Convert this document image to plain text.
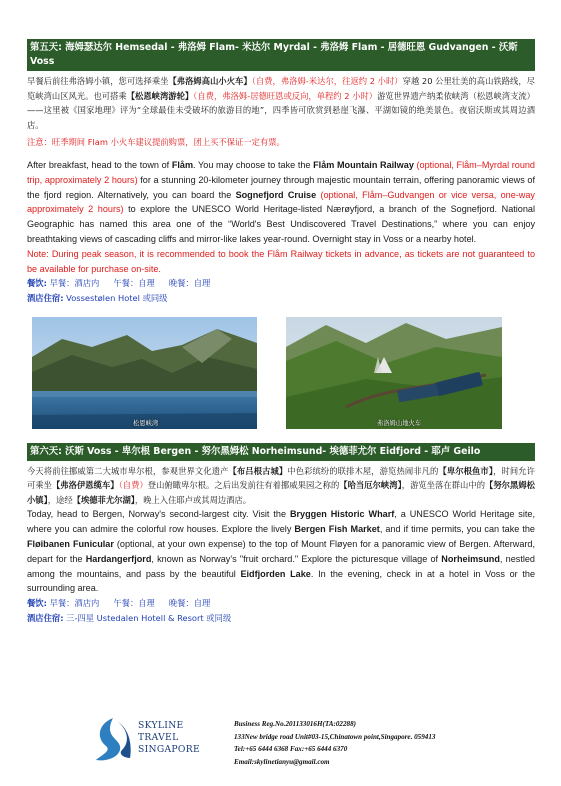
第五天: 海姆瑟达尔 Hemsedal - 弗洛姆 Flam- 米达尔 Myrdal - 弗洛姆 Flam - 居德旺恩 Gudvangen - 沃斯 Voss

早餐后前往弗洛姆小镇，您可选择乘坐【弗洛姆高山小火车】（自费，弗洛姆-米达尔，往返约 2 小时）穿越 20 公里壮美的高山铁路线，尽览峡湾山区风光。也可搭乘【松恩峡湾游轮】（自费，弗洛姆-居德旺恩或反向，单程约 2 小时）游览世界遗产纳柔依峡湾（松恩峡湾支流）——这里被《国家地理》评为“全球最佳未受破坏的旅游目的地”，四季皆可欣赏到悬崖飞瀑、平湖如镜的绝美景色。夜宿沃斯或其周边酒店。

注意：旺季期间 Flam 小火车建议提前购票，团上买不保证一定有票。

After breakfast, head to the town of Flåm. You may choose to take the Flåm Mountain Railway (optional, Flåm–Myrdal round trip, approximately 2 hours) for a stunning 20-kilometer journey through majestic mountain terrain, offering panoramic views of the fjord region. Alternatively, you can board the Sognefjord Cruise (optional, Flåm–Gudvangen or vice versa, one-way approximately 2 hours) to explore the UNESCO World Heritage-listed Nærøyfjord, a branch of the Sognefjord. National Geographic has named this area one of the “World's Best Undiscovered Travel Destinations,” where you can enjoy breathtaking views of cascading cliffs and mirror-like lakes year-round. Overnight stay in Voss or a nearby hotel.

Note: During peak season, it is recommended to book the Flåm Railway tickets in advance, as tickets are not guaranteed to be available for purchase on-site.

餐饮: 早餐：酒店内 午餐：自理 晚餐：自理
酒店住宿: Vossestølen Hotel 或同级
松恩峡湾	弗洛姆山地火车
第六天: 沃斯 Voss - 卑尔根 Bergen - 努尔黑姆松 Norheimsund- 埃德菲尤尔 Eidfjord - 耶卢 Geilo

今天将前往挪威第二大城市卑尔根，参观世界文化遗产【布吕根古城】中色彩缤纷的联排木屋，游览热闹非凡的【卑尔根鱼市】，时间允许可乘坐【弗洛伊恩缆车】（自费）登山俯瞰卑尔根。之后出发前往有着挪威果园之称的【哈当厄尔峡湾】，游览坐落在群山中的【努尔黑姆松小镇】，途经【埃德菲尤尔湖】，晚上入住耶卢或其周边酒店。

Today, head to Bergen, Norway's second-largest city. Visit the Bryggen Historic Wharf, a UNESCO World Heritage site, where you can admire the colorful row houses. Explore the lively Bergen Fish Market, and if time permits, you can take the Fløibanen Funicular (optional, at your own expense) to the top of Mount Fløyen for a panoramic view of Bergen. Afterward, depart for the Hardangerfjord, known as Norway’s "fruit orchard." Explore the picturesque village of Norheimsund, nestled among the mountains, and pass by the beautiful Eidfjorden Lake. In the evening, check in at a hotel in Voss or the surrounding area.

餐饮: 早餐：酒店内 午餐：自理 晚餐：自理
酒店住宿: 三-四星 Ustedalen Hotell & Resort 或同级
SKYLINE
TRAVEL
SINGAPORE
Business Reg.No.201133016H(TA:02288)
133New bridge road Unit#03-15,Chinatown point,Singapore. 059413
Tel:+65 6444 6368 Fax:+65 6444 6370
Email:skylinetianyu@gmail.com
